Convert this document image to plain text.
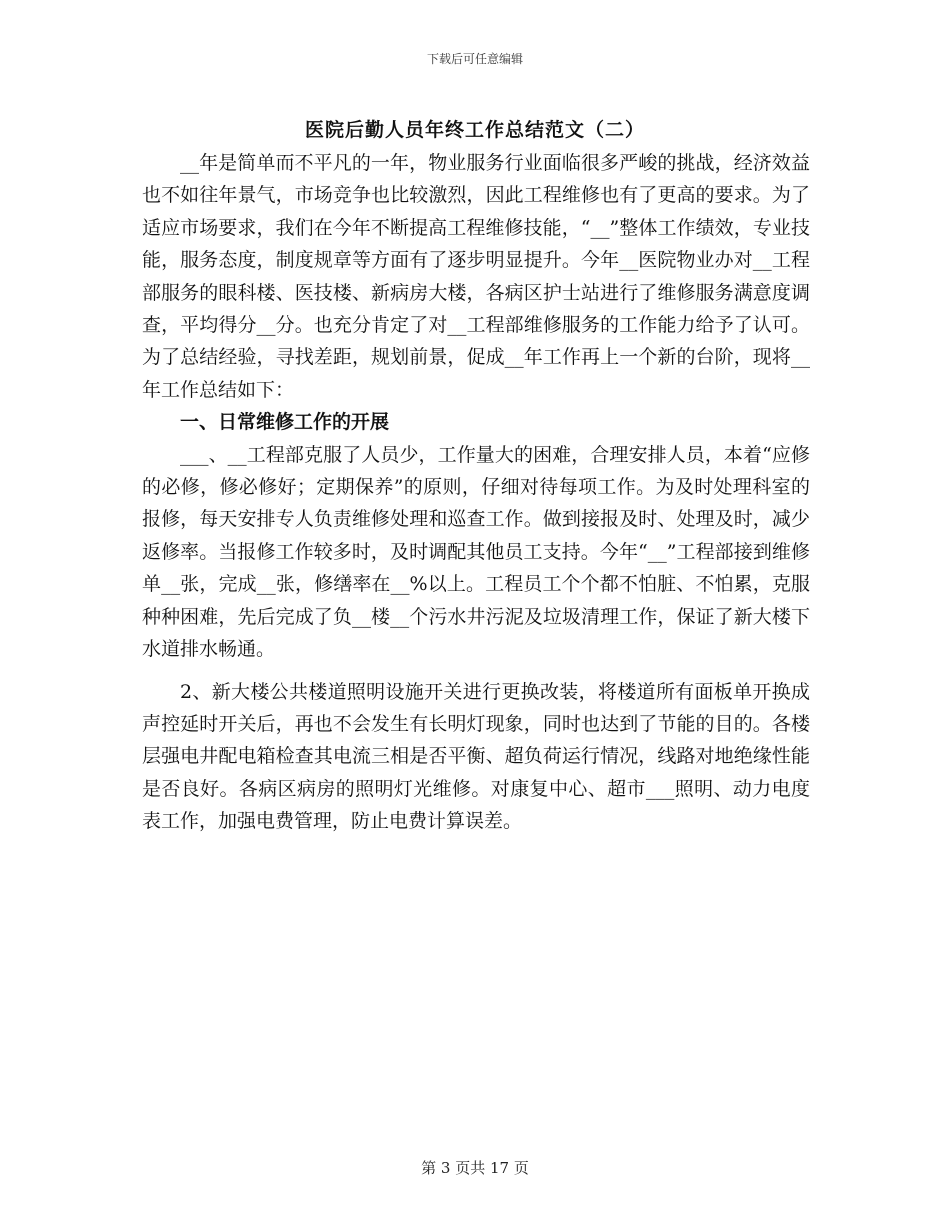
下载后可任意编辑
医院后勤人员年终工作总结范文（二）

__年是简单而不平凡的一年，物业服务行业面临很多严峻的挑战，经济效益也不如往年景气，市场竞争也比较激烈，因此工程维修也有了更高的要求。为了适应市场要求，我们在今年不断提高工程维修技能，“__”整体工作绩效，专业技能，服务态度，制度规章等方面有了逐步明显提升。今年__医院物业办对__工程部服务的眼科楼、医技楼、新病房大楼，各病区护士站进行了维修服务满意度调查，平均得分__分。也充分肯定了对__工程部维修服务的工作能力给予了认可。为了总结经验，寻找差距，规划前景，促成__年工作再上一个新的台阶，现将__年工作总结如下：

一、日常维修工作的开展

___、__工程部克服了人员少，工作量大的困难，合理安排人员，本着“应修的必修，修必修好；定期保养”的原则，仔细对待每项工作。为及时处理科室的报修，每天安排专人负责维修处理和巡查工作。做到接报及时、处理及时，减少返修率。当报修工作较多时，及时调配其他员工支持。今年“__”工程部接到维修单__张，完成__张，修缮率在__%以上。工程员工个个都不怕脏、不怕累，克服种种困难，先后完成了负__楼__个污水井污泥及垃圾清理工作，保证了新大楼下水道排水畅通。

2、新大楼公共楼道照明设施开关进行更换改装，将楼道所有面板单开换成声控延时开关后，再也不会发生有长明灯现象，同时也达到了节能的目的。各楼层强电井配电箱检查其电流三相是否平衡、超负荷运行情况，线路对地绝缘性能是否良好。各病区病房的照明灯光维修。对康复中心、超市___照明、动力电度表工作，加强电费管理，防止电费计算误差。

第 3 页共 17 页
